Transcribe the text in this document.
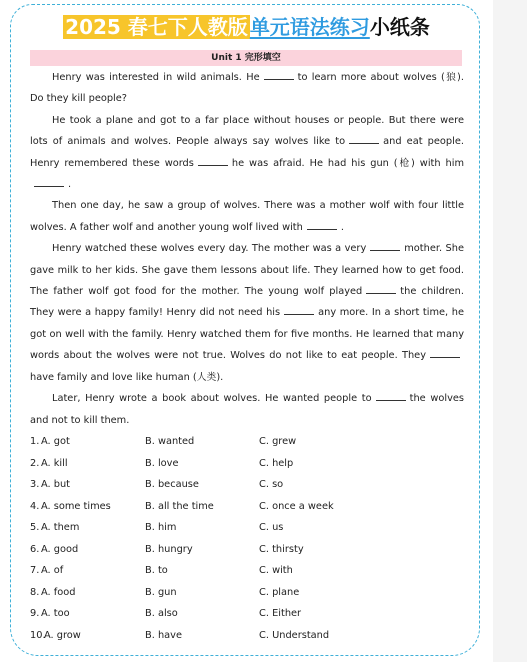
2025 春七下人教版 单元语法练习小纸条
Unit 1 完形填空

Henry was interested in wild animals. He	to learn more about wolves (狼). Do they kill people?

He took a plane and got to a far place without houses or people. But there were lots of animals and wolves. People always say wolves like to	and eat people. Henry remembered these words	he was afraid. He had his gun (枪) with him.

Then one day, he saw a group of wolves. There was a mother wolf with four little wolves. A father wolf and another young wolf lived with	.

Henry watched these wolves every day. The mother was a very	mother. She gave milk to her kids. She gave them lessons about life. They learned how to get food. The father wolf got food for the mother. The young wolf played	the children. They were a happy family! Henry did not need his	any more. In a short time, he got on well with the family. Henry watched them for five months. He learned that many words about the wolves were not true. Wolves do not like to eat people. Theyhave family and love like human (人类).

Later, Henry wrote a book about wolves. He wanted people to	the wolves and not to kill them.

1. A. got	B. wanted	C. grew
2. A. kill	B. love	C. help
3. A. but	B. because	C. so
4. A. some times	B. all the time	C. once a week
5. A. them	B. him	C. us
6. A. good	B. hungry	C. thirsty
7. A. of	B. to	C. with
8. A. food	B. gun	C. plane
9. A. too	B. also	C. Either
10.
A. grow	B. have	C. Understand
